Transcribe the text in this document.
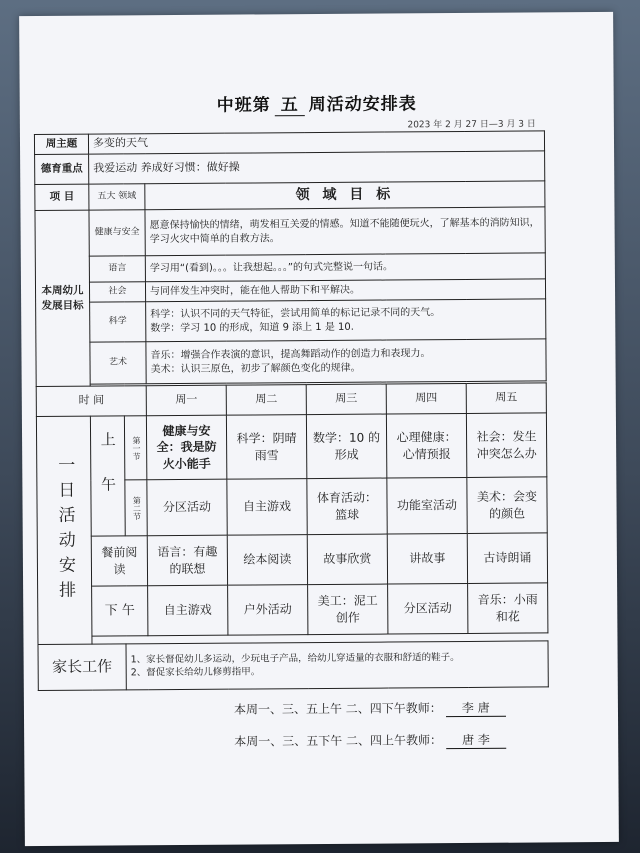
中班第 五 周活动安排表
2023 年 2 月 27 日—3 月 3 日
周主题	多变的天气						
德育重点	我爱运动 养成好习惯：做好操						
项 目	五大 领域		领 域 目 标				
本周幼儿发展目标	健康与安全		愿意保持愉快的情绪，萌发相互关爱的情感。知道不能随便玩火，了解基本的消防知识，学习火灾中简单的自救方法。				
	语言		学习用“(看到)。。。让我想起。。。”的句式完整说一句话。				
	社会		与同伴发生冲突时，能在他人帮助下和平解决。				
	科学		科学：认识不同的天气特征，尝试用简单的标记记录不同的天气。
数学：学习 10 的形成，知道 9 添上 1 是 10.				

	艺术		音乐：增强合作表演的意识，提高舞蹈动作的创造力和表现力。
美术：认识三原色，初步了解颜色变化的规律。				

时 间			周一	周二	周三	周四	周五

一日活动安排	上午	第一节	健康与安全：我是防火小能手	科学：阴晴雨雪	数学：10 的形成	心理健康：心情预报	社会：发生冲突怎么办

		第二节	分区活动	自主游戏	体育活动：篮球	功能室活动	美术：会变的颜色
	餐前阅读		语言：有趣的联想	绘本阅读	故事欣赏	讲故事	古诗朗诵
	下 午		自主游戏	户外活动	美工：泥工创作	分区活动	音乐：小雨和花

家长工作		1、家长督促幼儿多运动，少玩电子产品，给幼儿穿适量的衣服和舒适的鞋子。
2、督促家长给幼儿修剪指甲。					
本周一、三、五上午 二、四下午教师： 李 唐
本周一、三、五下午 二、四上午教师： 唐 李
